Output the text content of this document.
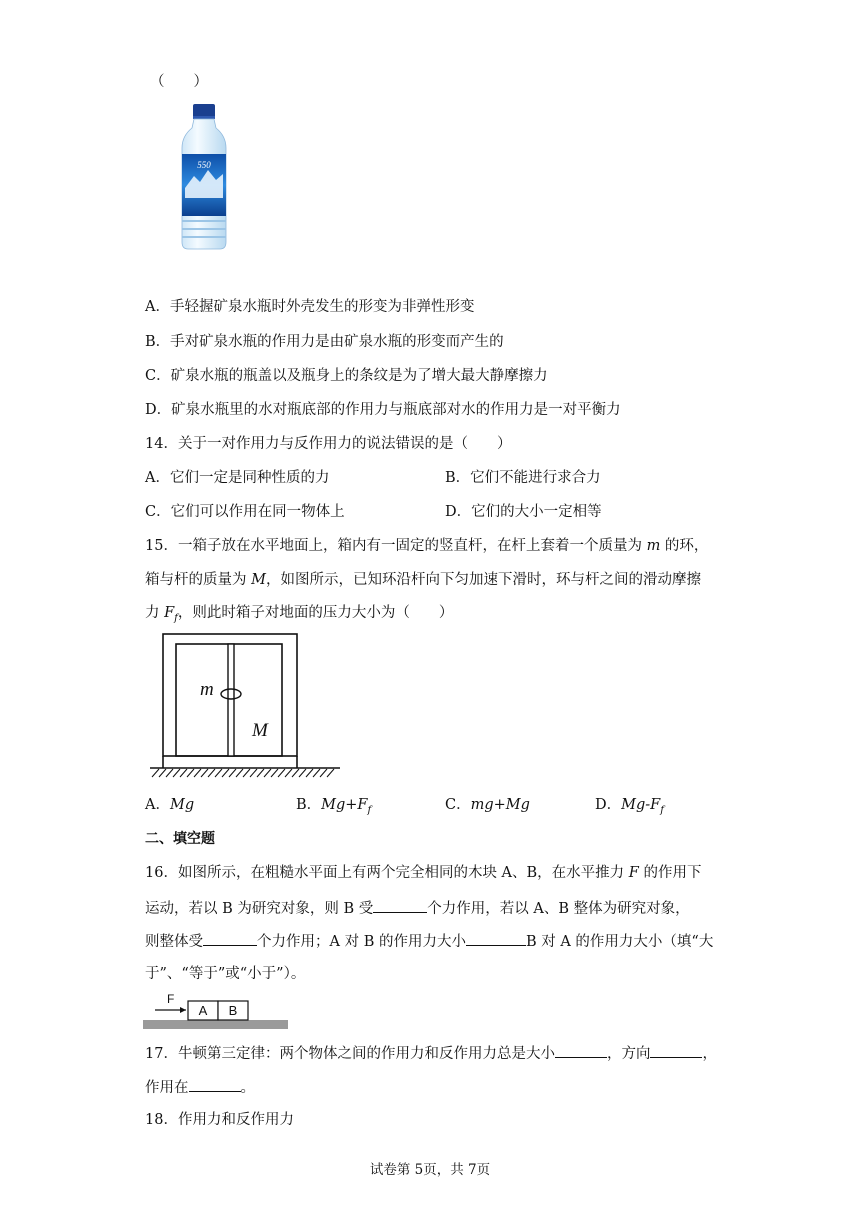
（　　）
550
A．手轻握矿泉水瓶时外壳发生的形变为非弹性形变
B．手对矿泉水瓶的作用力是由矿泉水瓶的形变而产生的
C．矿泉水瓶的瓶盖以及瓶身上的条纹是为了增大最大静摩擦力
D．矿泉水瓶里的水对瓶底部的作用力与瓶底部对水的作用力是一对平衡力
14．关于一对作用力与反作用力的说法错误的是（　　）
A．它们一定是同种性质的力	B．它们不能进行求合力
C．它们可以作用在同一物体上	D．它们的大小一定相等
15．一箱子放在水平地面上，箱内有一固定的竖直杆，在杆上套着一个质量为 m 的环，
箱与杆的质量为 M，如图所示，已知环沿杆向下匀加速下滑时，环与杆之间的滑动摩擦
力 $F_f$，则此时箱子对地面的压力大小为（　　）
m
M
A．Mg	B．$Mg+F_f$	C．mg+Mg	D．$Mg-F_f$
二、填空题
16．如图所示，在粗糙水平面上有两个完全相同的木块 A、B，在水平推力 F 的作用下
运动，若以 B 为研究对象，则 B 受	个力作用，若以 A、B 整体为研究对象，
则整体受	个力作用；A 对 B 的作用力大小	B 对 A 的作用力大小（填“大
于”、“等于”或“小于”）。
A B
F
17．牛顿第三定律：两个物体之间的作用力和反作用力总是大小	，方向	，
作用在	。
18．作用力和反作用力
试卷第 5页，共 7页
